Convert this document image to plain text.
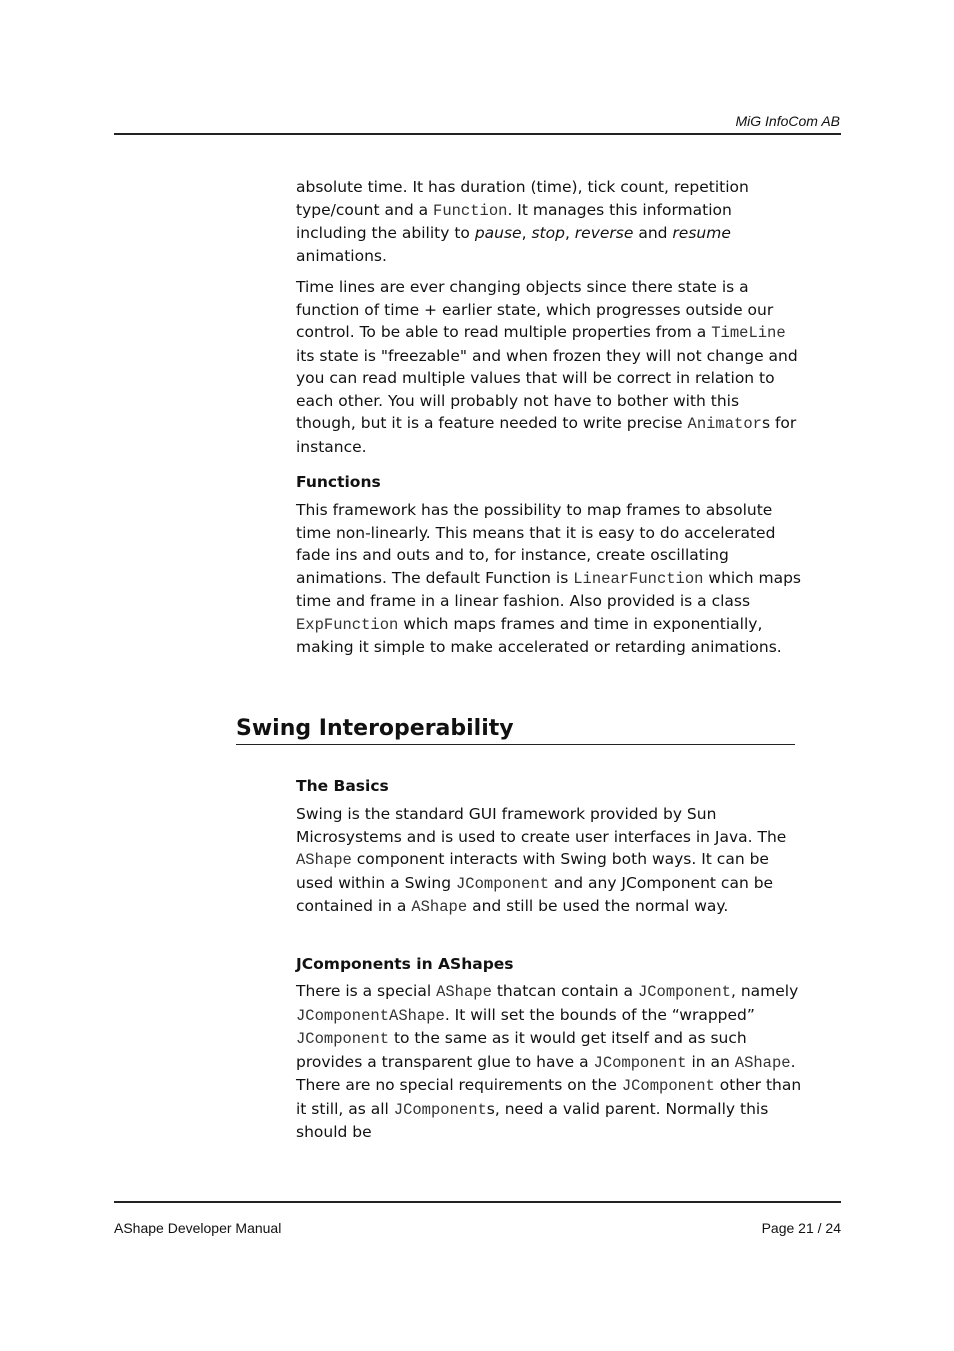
MiG InfoCom AB

absolute time. It has duration (time), tick count, repetition type/count and a Function. It manages this information including the ability to pause, stop, reverse and resume animations.

Time lines are ever changing objects since there state is a function of time + earlier state, which progresses outside our control. To be able to read multiple properties from a TimeLine its state is "freezable" and when frozen they will not change and you can read multiple values that will be correct in relation to each other. You will probably not have to bother with this though, but it is a feature needed to write precise Animators for instance.

Functions

This framework has the possibility to map frames to absolute time non-linearly. This means that it is easy to do accelerated fade ins and outs and to, for instance, create oscillating animations. The default Function is LinearFunction which maps time and frame in a linear fashion. Also provided is a class ExpFunction which maps frames and time in exponentially, making it simple to make accelerated or retarding animations.

Swing Interoperability
The Basics

Swing is the standard GUI framework provided by Sun Microsystems and is used to create user interfaces in Java. The AShape component interacts with Swing both ways. It can be used within a Swing JComponent and any JComponent can be contained in a AShape and still be used the normal way.

JComponents in AShapes

There is a special AShape thatcan contain a JComponent, namely JComponentAShape. It will set the bounds of the “wrapped” JComponent to the same as it would get itself and as such provides a transparent glue to have a JComponent in an AShape. There are no special requirements on the JComponent other than it still, as all JComponents, need a valid parent. Normally this should be

AShape Developer Manual	Page 21 / 24
